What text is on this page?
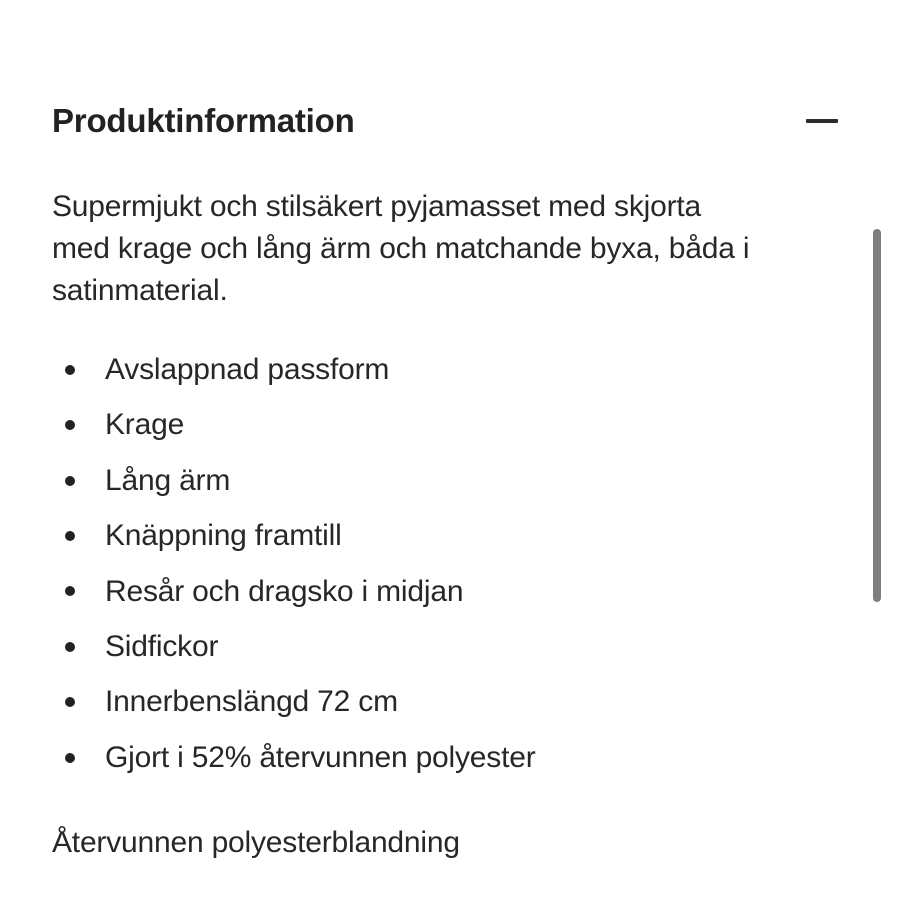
Produktinformation
Supermjukt och stilsäkert pyjamasset med skjorta
med krage och lång ärm och matchande byxa, båda i
satinmaterial.
Avslappnad passform
Krage
Lång ärm
Knäppning framtill
Resår och dragsko i midjan
Sidfickor
Innerbenslängd 72 cm
Gjort i 52% återvunnen polyester
Återvunnen polyesterblandning
